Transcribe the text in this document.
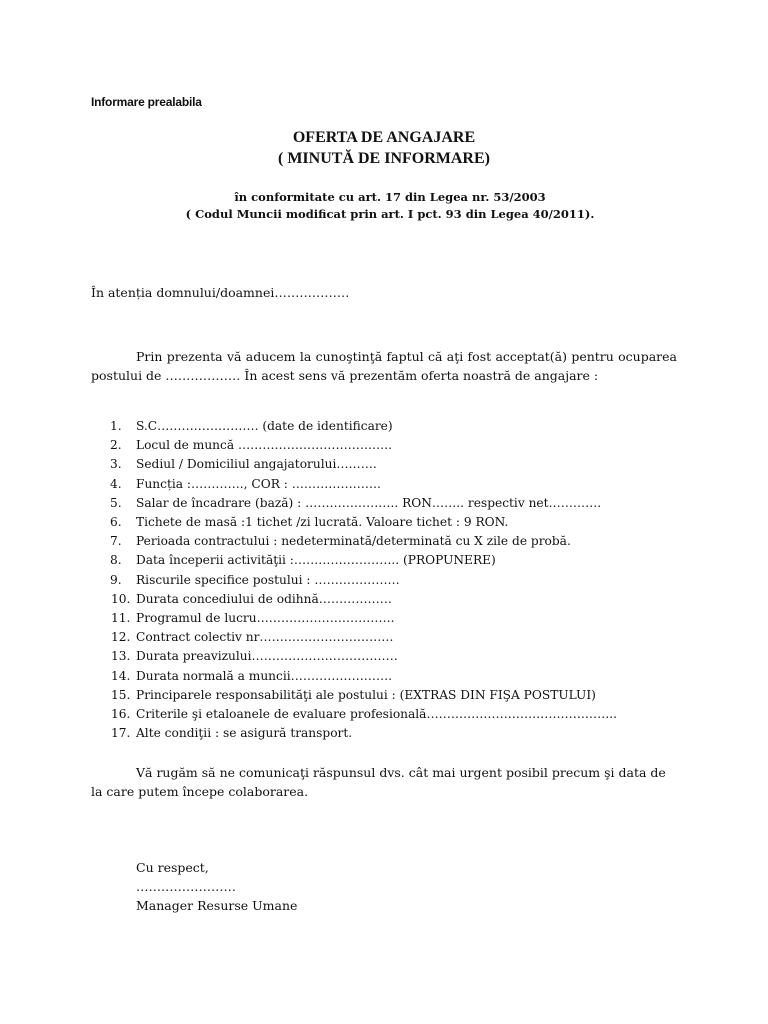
Informare prealabila
OFERTA DE ANGAJARE
( MINUTĂ DE INFORMARE)
în conformitate cu art. 17 din Legea nr. 53/2003
( Codul Muncii modificat prin art. I pct. 93 din Legea 40/2011).
În atenția domnului/doamnei………………
Prin prezenta vă aducem la cunoştinţă faptul că aţi fost acceptat(ă) pentru ocuparea postului de ……………… În acest sens vă prezentăm oferta noastră de angajare :
1.	S.C……………………. (date de identificare)
2.	Locul de muncă ………………………………..
3.	Sediul / Domiciliul angajatorului……….
4.	Funcția :…………., COR : ………………….
5.	Salar de încadrare (bază) : ………………….. RON…….. respectiv net………….
6.	Tichete de masă :1 tichet /zi lucrată. Valoare tichet : 9 RON.
7.	Perioada contractului : nedeterminată/determinată cu X zile de probă.
8.	Data începerii activităţii :…………………….. (PROPUNERE)
9.	Riscurile specifice postului : …………………
10. Durata concediului de odihnă………………
11. Programul de lucru…………………………….
12. Contract colectiv nr……………………………
13. Durata preavizului………………………………
14. Durata normală a muncii…………………….
15. Principarele responsabilităţi ale postului : (EXTRAS DIN FIŞA POSTULUI)
16. Criterile şi etaloanele de evaluare profesională………………………………………..
17. Alte condiţii : se asigură transport.
Vă rugăm să ne comunicaţi răspunsul dvs. cât mai urgent posibil precum şi data de la care putem începe colaborarea.
Cu respect,
……………………
Manager Resurse Umane
